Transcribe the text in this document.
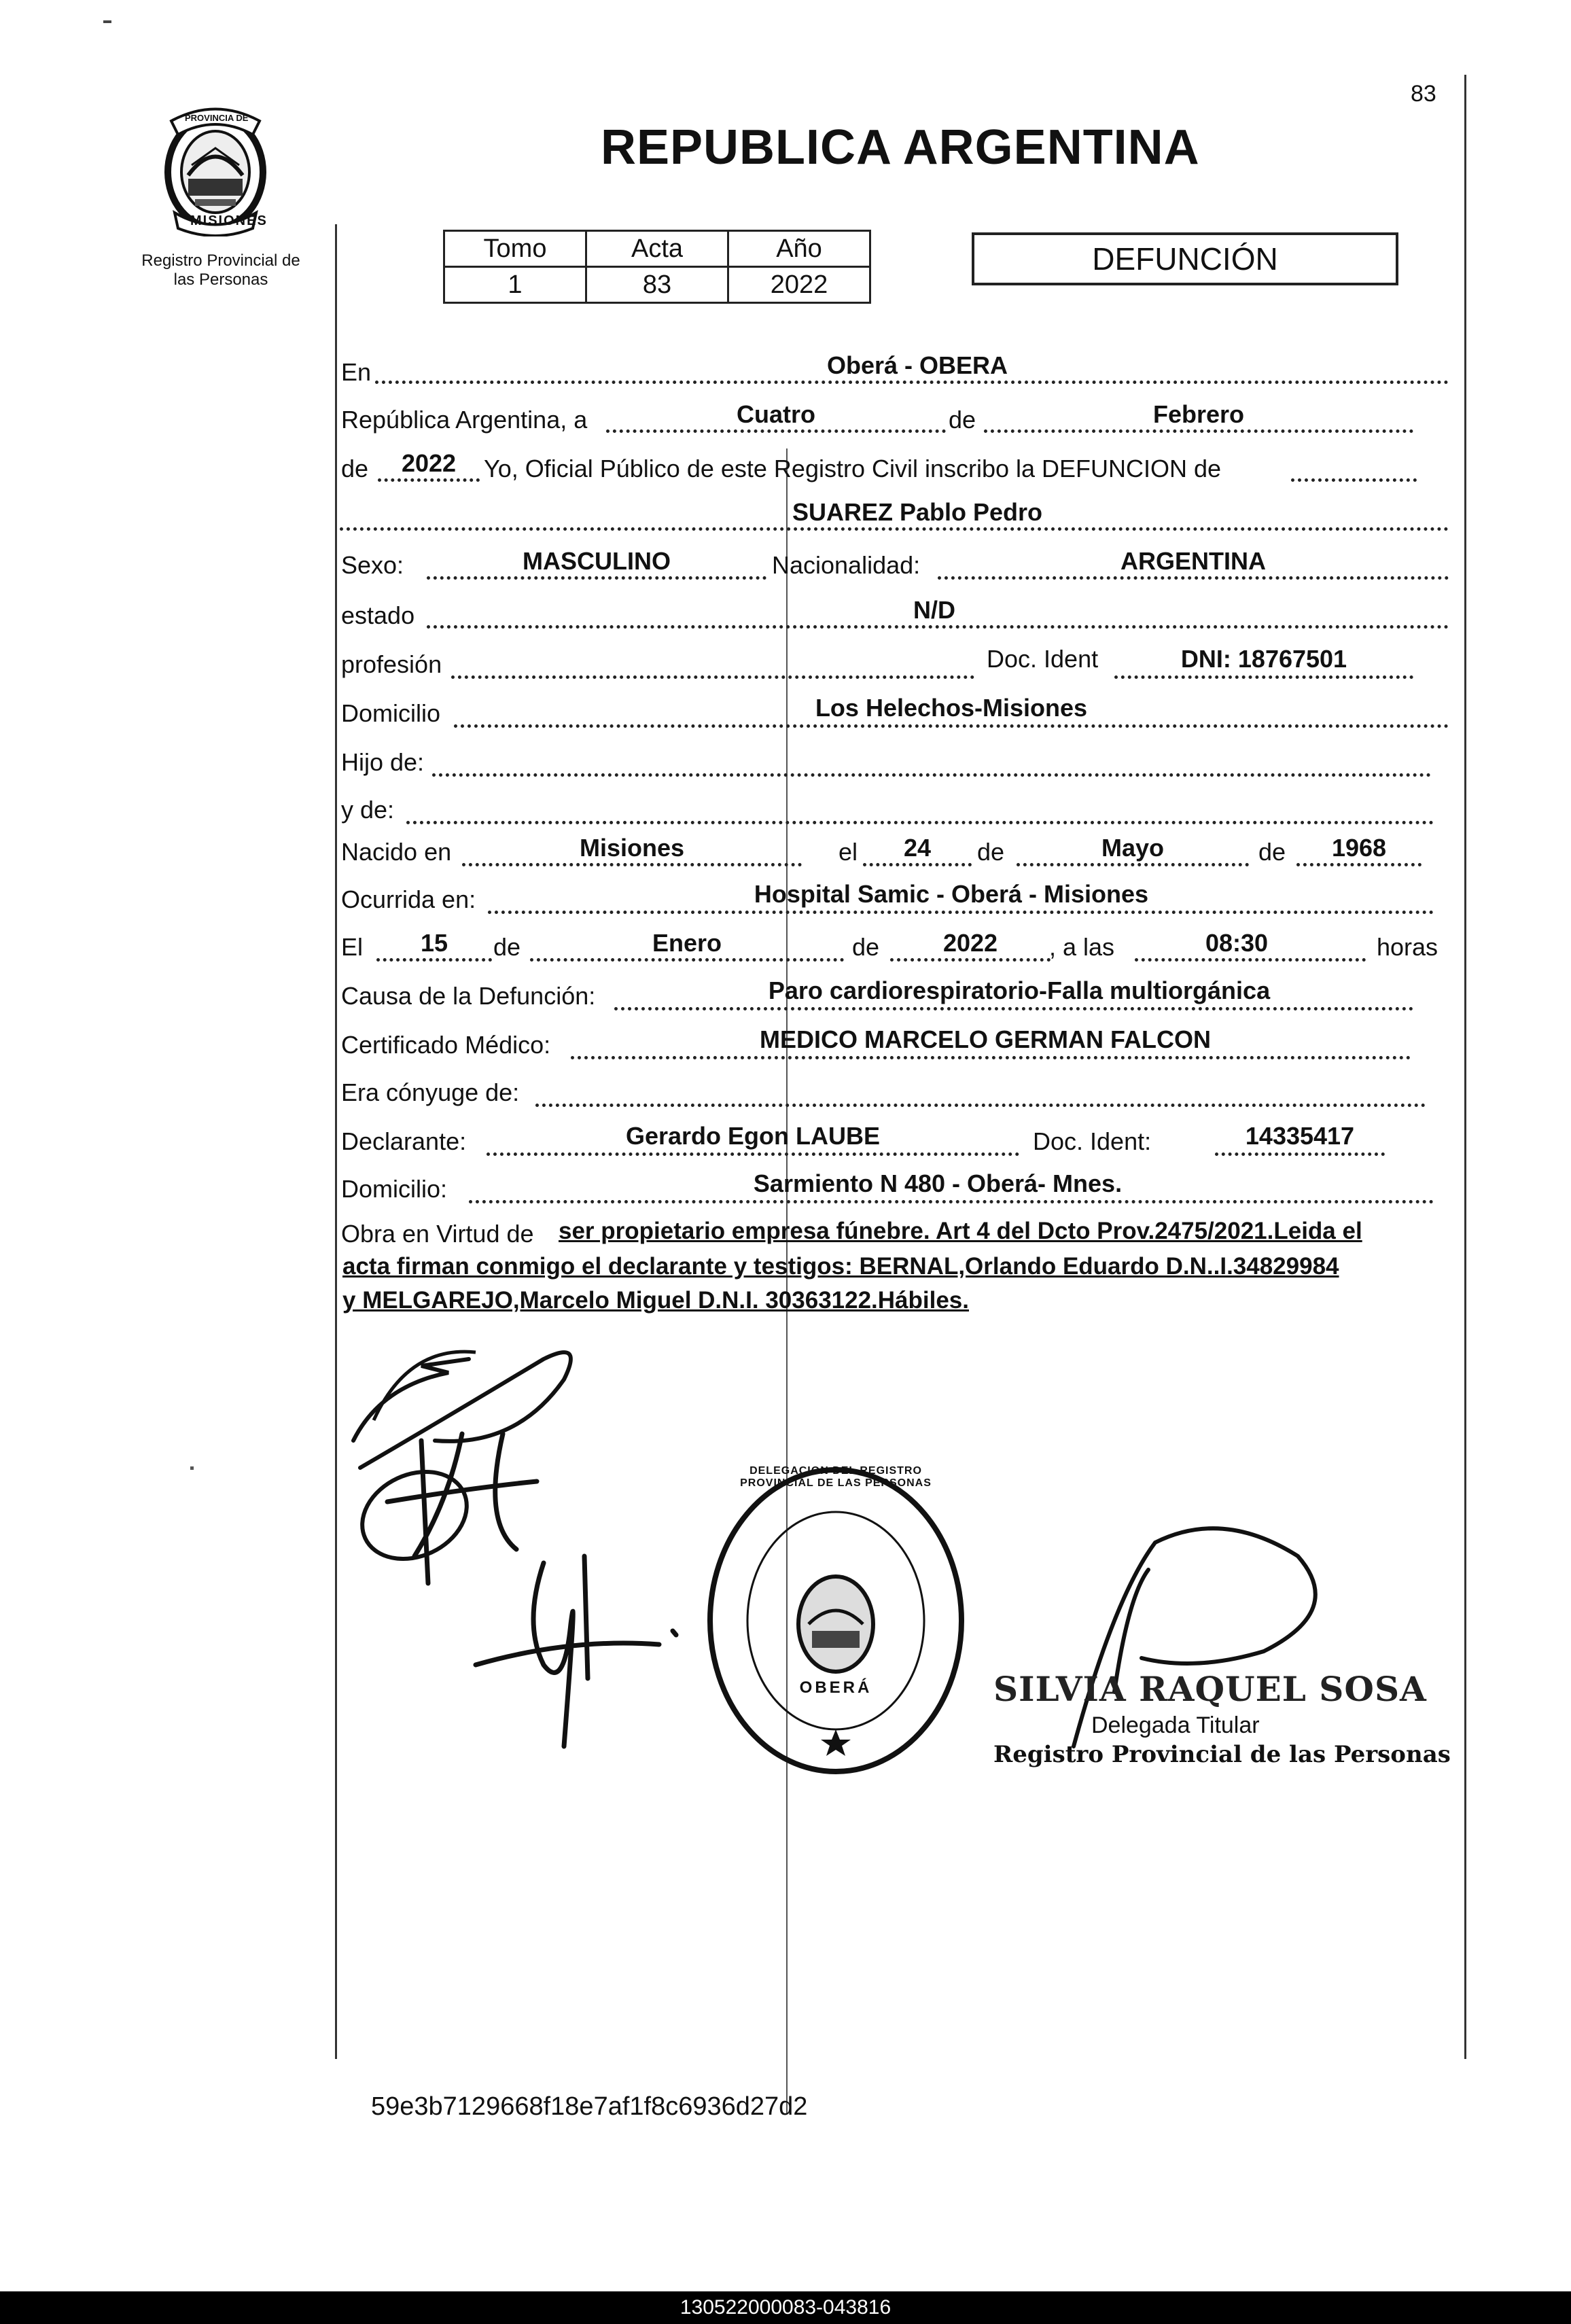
83
PROVINCIA DE
MISIONES
Registro Provincial de
las Personas
REPUBLICA ARGENTINA
Tomo	Acta	Año
1	83	2022
DEFUNCIÓN
En	Oberá - OBERA
República Argentina, a	Cuatro	de	Febrero
de	2022	Yo, Oficial Público de este Registro Civil inscribo la DEFUNCION de
SUAREZ Pablo Pedro
Sexo:	MASCULINO	Nacionalidad:	ARGENTINA
estado	N/D
profesión	Doc. Ident	DNI: 18767501
Domicilio	Los Helechos-Misiones
Hijo de:
y de:
Nacido en	Misiones	el	24	de	Mayo	de	1968
Ocurrida en:	Hospital Samic - Oberá - Misiones
El	15	de	Enero	de	2022	, a las	08:30	horas
Causa de la Defunción:	Paro cardiorespiratorio-Falla multiorgánica
Certificado Médico:	MEDICO MARCELO GERMAN FALCON
Era cónyuge de:
Declarante:	Gerardo Egon LAUBE	Doc. Ident:	14335417
Domicilio:	Sarmiento N 480 - Oberá- Mnes.
Obra en Virtud de ser propietario empresa fúnebre. Art 4 del Dcto Prov.2475/2021.Leida el
acta firman conmigo el declarante y testigos: BERNAL,Orlando Eduardo D.N..I.34829984
y MELGAREJO,Marcelo Miguel D.N.I. 30363122.Hábiles.
DELEGACION DEL REGISTRO PROVINCIAL DE LAS PERSONAS
OBERÁ	SILVIA RAQUEL SOSA
Delegada Titular
Registro Provincial de las Personas
59e3b7129668f18e7af1f8c6936d27d2
130522000083-043816
